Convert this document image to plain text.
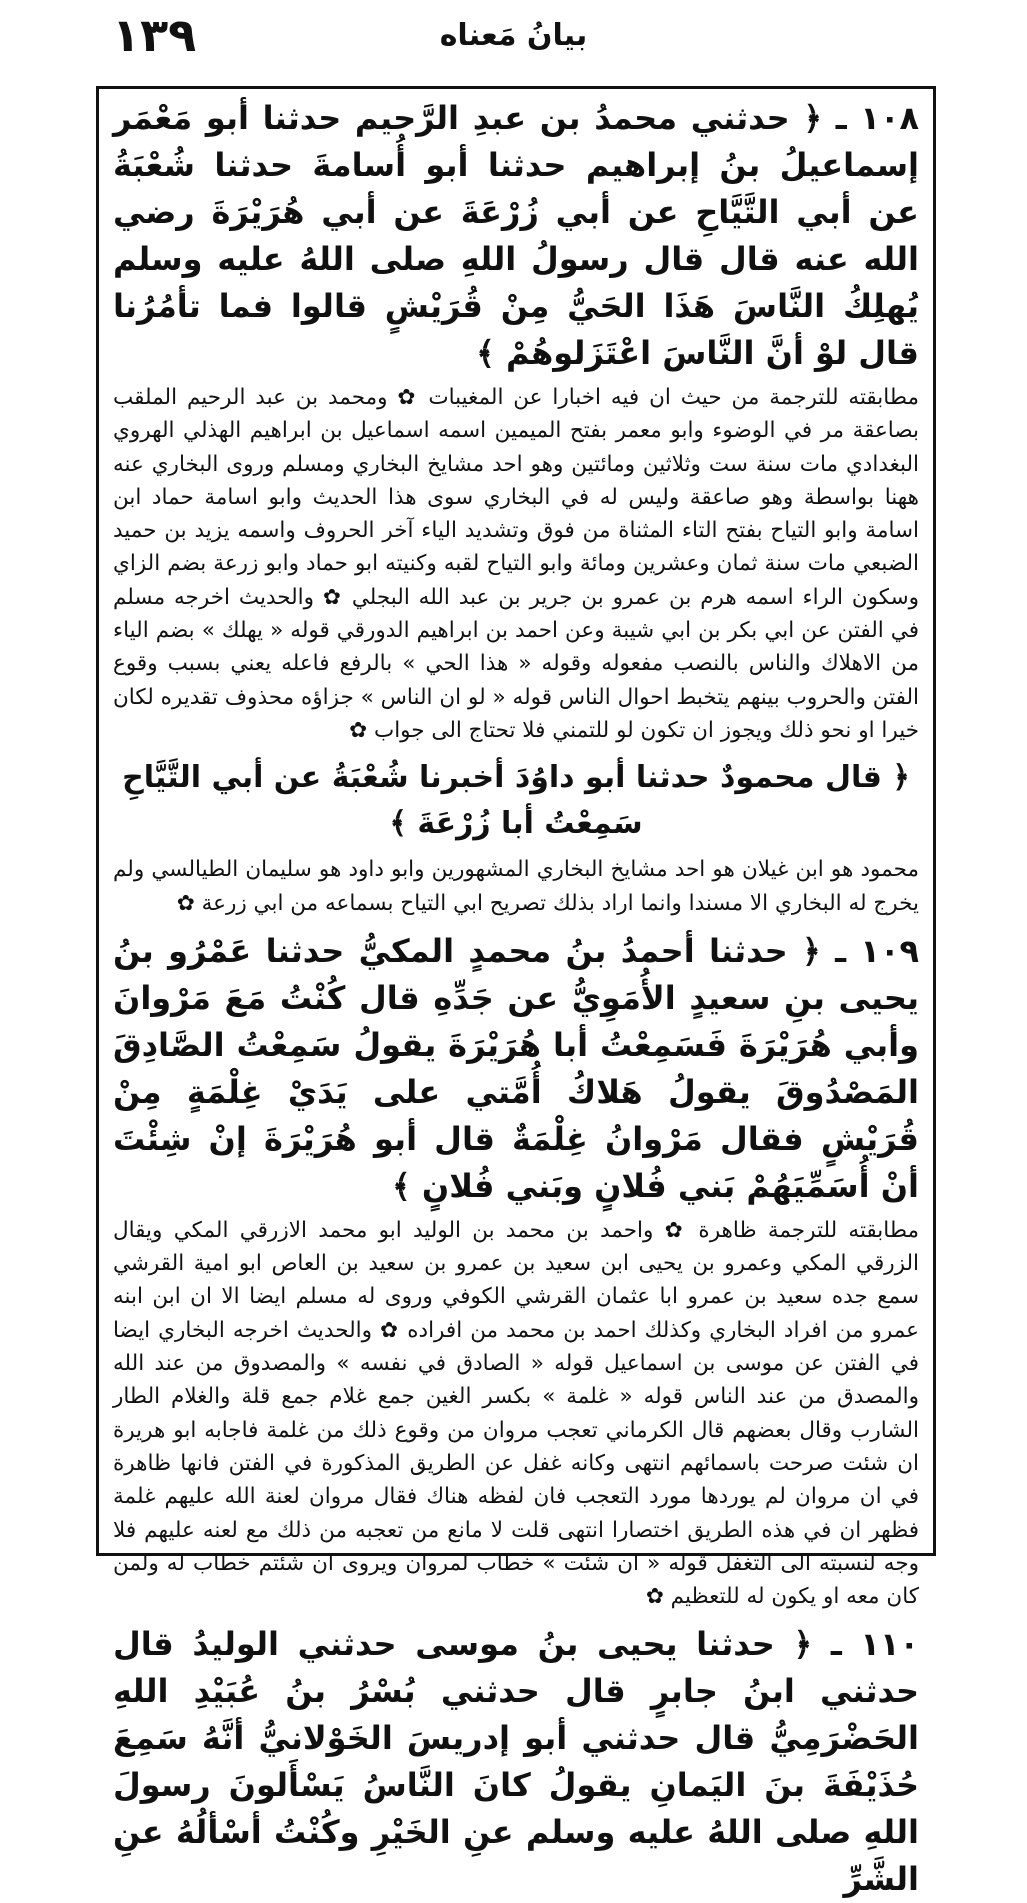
١٣٩	بيانُ مَعناه

١٠٨ ـ ﴿ حدثني محمدُ بن عبدِ الرَّحيم حدثنا أبو مَعْمَر إسماعيلُ بنُ إبراهيم حدثنا أبو أُسامةَ حدثنا شُعْبَةُ عن أبي التَّيَّاحِ عن أبي زُرْعَةَ عن أبي هُرَيْرَةَ رضي الله عنه قال قال رسولُ اللهِ صلى اللهُ عليه وسلم يُهلِكُ النَّاسَ هَذَا الحَيُّ مِنْ قُرَيْشٍ قالوا فما تأمُرُنا قال لوْ أنَّ النَّاسَ اعْتَزَلوهُمْ ﴾

مطابقته للترجمة من حيث ان فيه اخبارا عن المغيبات ✿ ومحمد بن عبد الرحيم الملقب بصاعقة مر في الوضوء وابو معمر بفتح الميمين اسمه اسماعيل بن ابراهيم الهذلي الهروي البغدادي مات سنة ست وثلاثين ومائتين وهو احد مشايخ البخاري ومسلم وروى البخاري عنه ههنا بواسطة وهو صاعقة وليس له في البخاري سوى هذا الحديث وابو اسامة حماد ابن اسامة وابو التياح بفتح التاء المثناة من فوق وتشديد الياء آخر الحروف واسمه يزيد بن حميد الضبعي مات سنة ثمان وعشرين ومائة وابو التياح لقبه وكنيته ابو حماد وابو زرعة بضم الزاي وسكون الراء اسمه هرم بن عمرو بن جرير بن عبد الله البجلي ✿ والحديث اخرجه مسلم في الفتن عن ابي بكر بن ابي شيبة وعن احمد بن ابراهيم الدورقي قوله « يهلك » بضم الياء من الاهلاك والناس بالنصب مفعوله وقوله « هذا الحي » بالرفع فاعله يعني بسبب وقوع الفتن والحروب بينهم يتخبط احوال الناس قوله « لو ان الناس » جزاؤه محذوف تقديره لكان خيرا او نحو ذلك ويجوز ان تكون لو للتمني فلا تحتاج الى جواب ✿

﴿ قال محمودٌ حدثنا أبو داوُدَ أخبرنا شُعْبَةُ عن أبي التَّيَّاحِ سَمِعْتُ أبا زُرْعَةَ ﴾

محمود هو ابن غيلان هو احد مشايخ البخاري المشهورين وابو داود هو سليمان الطيالسي ولم يخرج له البخاري الا مسندا وانما اراد بذلك تصريح ابي التياح بسماعه من ابي زرعة ✿

١٠٩ ـ ﴿ حدثنا أحمدُ بنُ محمدٍ المكيُّ حدثنا عَمْرُو بنُ يحيى بنِ سعيدٍ الأُمَوِيُّ عن جَدِّهِ قال كُنْتُ مَعَ مَرْوانَ وأبي هُرَيْرَةَ فَسَمِعْتُ أبا هُرَيْرَةَ يقولُ سَمِعْتُ الصَّادِقَ المَصْدُوقَ يقولُ هَلاكُ أُمَّتي على يَدَيْ غِلْمَةٍ مِنْ قُرَيْشٍ فقال مَرْوانُ غِلْمَةٌ قال أبو هُرَيْرَةَ إنْ شِئْتَ أنْ أُسَمِّيَهُمْ بَني فُلانٍ وبَني فُلانٍ ﴾

مطابقته للترجمة ظاهرة ✿ واحمد بن محمد بن الوليد ابو محمد الازرقي المكي ويقال الزرقي المكي وعمرو بن يحيى ابن سعيد بن عمرو بن سعيد بن العاص ابو امية القرشي سمع جده سعيد بن عمرو ابا عثمان القرشي الكوفي وروى له مسلم ايضا الا ان ابن ابنه عمرو من افراد البخاري وكذلك احمد بن محمد من افراده ✿ والحديث اخرجه البخاري ايضا في الفتن عن موسى بن اسماعيل قوله « الصادق في نفسه » والمصدوق من عند الله والمصدق من عند الناس قوله « غلمة » بكسر الغين جمع غلام جمع قلة والغلام الطار الشارب وقال بعضهم قال الكرماني تعجب مروان من وقوع ذلك من غلمة فاجابه ابو هريرة ان شئت صرحت باسمائهم انتهى وكانه غفل عن الطريق المذكورة في الفتن فانها ظاهرة في ان مروان لم يوردها مورد التعجب فان لفظه هناك فقال مروان لعنة الله عليهم غلمة فظهر ان في هذه الطريق اختصارا انتهى قلت لا مانع من تعجبه من ذلك مع لعنه عليهم فلا وجه لنسبته الى التغفل قوله « ان شئت » خطاب لمروان ويروى ان شئتم خطاب له ولمن كان معه او يكون له للتعظيم ✿

١١٠ ـ ﴿ حدثنا يحيى بنُ موسى حدثني الوليدُ قال حدثني ابنُ جابرٍ قال حدثني بُسْرُ بنُ عُبَيْدِ اللهِ الحَضْرَمِيُّ قال حدثني أبو إدريسَ الخَوْلانيُّ أنَّهُ سَمِعَ حُذَيْفَةَ بنَ اليَمانِ يقولُ كانَ النَّاسُ يَسْأَلونَ رسولَ اللهِ صلى اللهُ عليه وسلم عنِ الخَيْرِ وكُنْتُ أسْألُهُ عنِ الشَّرِّ
